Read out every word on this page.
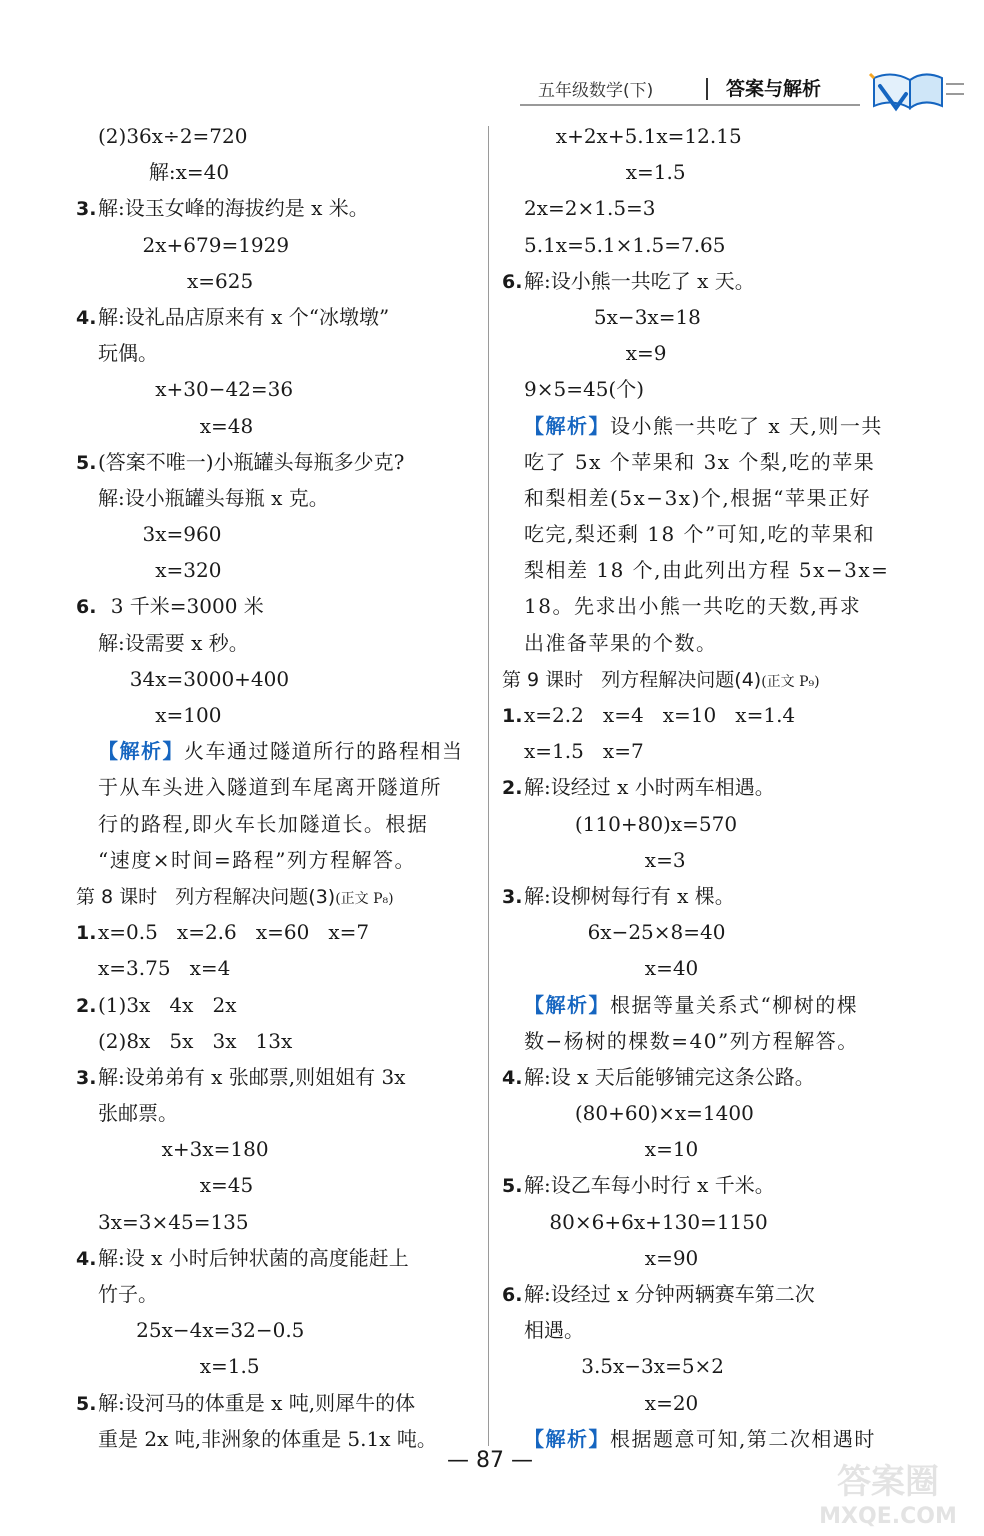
五年级数学(下)	答案与解析
(2)36x÷2=720
解:x=40
3.解:设玉女峰的海拔约是 x 米。
2x+679=1929
x=625
4.解:设礼品店原来有 x 个“冰墩墩”
玩偶。
x+30−42=36
x=48
5.(答案不唯一)小瓶罐头每瓶多少克?
解:设小瓶罐头每瓶 x 克。
3x=960
x=320
6.  3 千米=3000 米
解:设需要 x 秒。
34x=3000+400
x=100
【解析】火车通过隧道所行的路程相当
于从车头进入隧道到车尾离开隧道所
行的路程,即火车长加隧道长。根据
“速度×时间=路程”列方程解答。
第 8 课时   列方程解决问题(3)(正文 P₈)
1.x=0.5   x=2.6   x=60   x=7
x=3.75   x=4
2.(1)3x   4x   2x
(2)8x   5x   3x   13x
3.解:设弟弟有 x 张邮票,则姐姐有 3x
张邮票。
x+3x=180
x=45
3x=3×45=135
4.解:设 x 小时后钟状菌的高度能赶上
竹子。
25x−4x=32−0.5
x=1.5
5.解:设河马的体重是 x 吨,则犀牛的体
重是 2x 吨,非洲象的体重是 5.1x 吨。
x+2x+5.1x=12.15
x=1.5
2x=2×1.5=3
5.1x=5.1×1.5=7.65
6.解:设小熊一共吃了 x 天。
5x−3x=18
x=9
9×5=45(个)
【解析】设小熊一共吃了 x 天,则一共
吃了 5x 个苹果和 3x 个梨,吃的苹果
和梨相差(5x−3x)个,根据“苹果正好
吃完,梨还剩 18 个”可知,吃的苹果和
梨相差 18 个,由此列出方程 5x−3x=
18。先求出小熊一共吃的天数,再求
出准备苹果的个数。
第 9 课时   列方程解决问题(4)(正文 P₉)
1.x=2.2   x=4   x=10   x=1.4
x=1.5   x=7
2.解:设经过 x 小时两车相遇。
(110+80)x=570
x=3
3.解:设柳树每行有 x 棵。
6x−25×8=40
x=40
【解析】根据等量关系式“柳树的棵
数−杨树的棵数=40”列方程解答。
4.解:设 x 天后能够铺完这条公路。
(80+60)×x=1400
x=10
5.解:设乙车每小时行 x 千米。
80×6+6x+130=1150
x=90
6.解:设经过 x 分钟两辆赛车第二次
相遇。
3.5x−3x=5×2
x=20
【解析】根据题意可知,第二次相遇时
— 87 —
答案圈
MXQE.COM
